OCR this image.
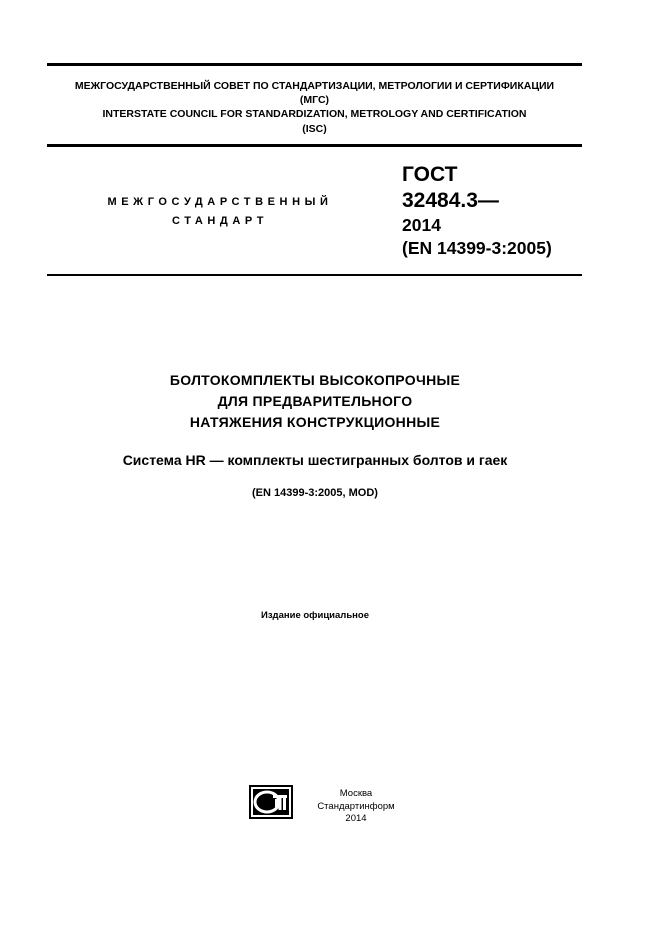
МЕЖГОСУДАРСТВЕННЫЙ СОВЕТ ПО СТАНДАРТИЗАЦИИ, МЕТРОЛОГИИ И СЕРТИФИКАЦИИ
(МГС)
INTERSTATE COUNCIL FOR STANDARDIZATION, METROLOGY AND CERTIFICATION
(ISC)
МЕЖГОСУДАРСТВЕННЫЙ
СТАНДАРТ
ГОСТ
32484.3—
2014
(EN 14399-3:2005)
БОЛТОКОМПЛЕКТЫ ВЫСОКОПРОЧНЫЕ
ДЛЯ ПРЕДВАРИТЕЛЬНОГО
НАТЯЖЕНИЯ КОНСТРУКЦИОННЫЕ
Система HR — комплекты шестигранных болтов и гаек
(EN 14399-3:2005, MOD)
Издание официальное
Москва
Стандартинформ
2014
